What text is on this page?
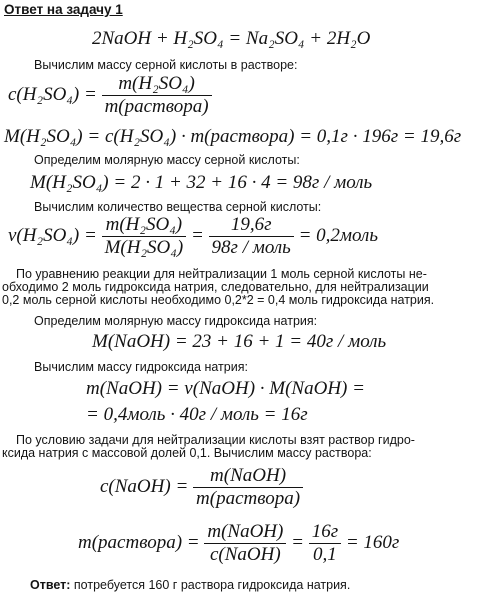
Ответ на задачу 1
2NaOH + H₂SO₄ = Na₂SO₄ + 2H₂O
Вычислим массу серной кислоты в растворе:
$c(H_2SO_4) = \frac{\text{m(H₂SO₄)}}{\text{m(раствора)}}$
M(H₂SO₄) = c(H₂SO₄) · m(раствора) = 0,1г · 196г = 19,6г
Определим молярную массу серной кислоты:
M(H₂SO₄) = 2 · 1 + 32 + 16 · 4 = 98г / моль
Вычислим количество вещества серной кислоты:
$\nu(H_2SO_4) = \frac{\text{m(H₂SO₄)}}{\text{M(H₂SO₄)}} = \frac{19,6г}{\text{98г / моль}}$ = 0,2моль
По уравнению реакции для нейтрализации 1 моль серной кислоты не-
обходимо 2 моль гидроксида натрия, следовательно, для нейтрализации
0,2 моль серной кислоты необходимо 0,2*2 = 0,4 моль гидроксида натрия.
Определим молярную массу гидроксида натрия:
M(NaOH) = 23 + 16 + 1 = 40г / моль
Вычислим массу гидроксида натрия:
m(NaOH) = ν(NaOH) · M(NaOH) =
= 0,4моль · 40г / моль = 16г
По условию задачи для нейтрализации кислоты взят раствор гидро-
ксида натрия с массовой долей 0,1. Вычислим массу раствора:
c(NaOH) = $\frac{\text{m(NaOH)}}{\text{m(раствора)}}$
m(раствора) = $\frac{\text{m(NaOH)}}{\text{c(NaOH)}} = \frac{16г}{0,1} = 160г$
Ответ: потребуется 160 г раствора гидроксида натрия.
